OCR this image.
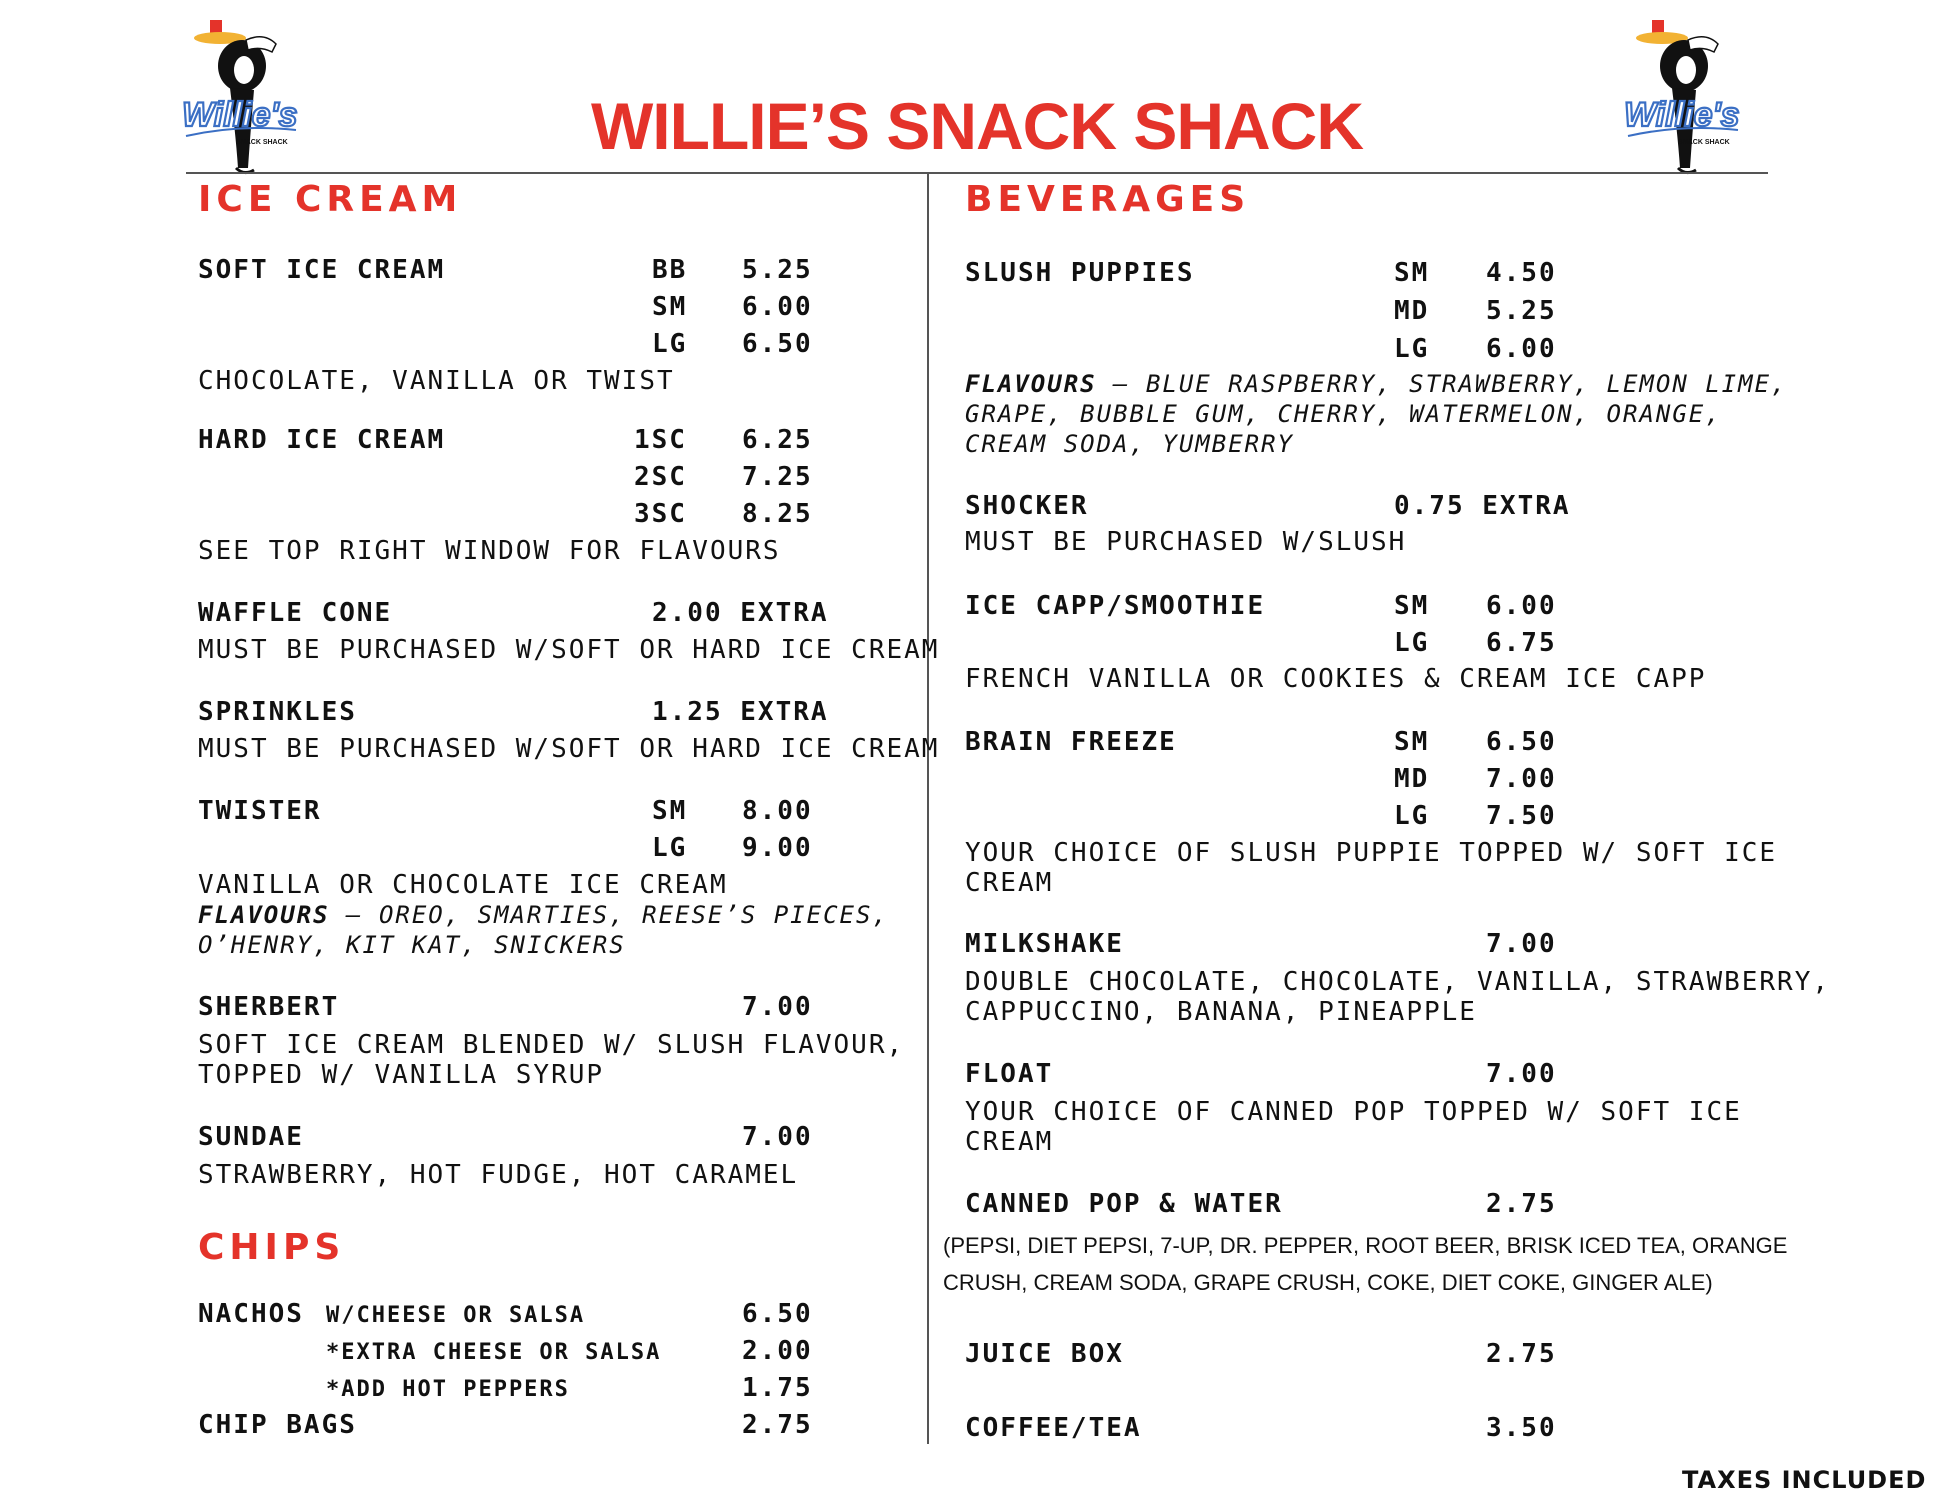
Willie's
SNACK SHACK
Willie's
SNACK SHACK
WILLIE’S SNACK SHACK
ICE CREAM
SOFT ICE CREAM	BB 5.25
SM 6.00
LG 6.50
CHOCOLATE, VANILLA OR TWIST
HARD ICE CREAM	1SC 6.25
2SC 7.25
3SC 8.25
SEE TOP RIGHT WINDOW FOR FLAVOURS
WAFFLE CONE	2.00 EXTRA
MUST BE PURCHASED W/SOFT OR HARD ICE CREAM
SPRINKLES	1.25 EXTRA
MUST BE PURCHASED W/SOFT OR HARD ICE CREAM
TWISTER	SM 8.00
LG 9.00
VANILLA OR CHOCOLATE ICE CREAM
FLAVOURS – OREO, SMARTIES, REESE’S PIECES,
O’HENRY, KIT KAT, SNICKERS
SHERBERT	7.00
SOFT ICE CREAM BLENDED W/ SLUSH FLAVOUR,
TOPPED W/ VANILLA SYRUP
SUNDAE	7.00
STRAWBERRY, HOT FUDGE, HOT CARAMEL
CHIPS
NACHOS W/CHEESE OR SALSA	6.50
*EXTRA CHEESE OR SALSA	2.00
*ADD HOT PEPPERS	1.75
CHIP BAGS	2.75
BEVERAGES
SLUSH PUPPIES	SM 4.50
MD 5.25
LG 6.00
FLAVOURS – BLUE RASPBERRY, STRAWBERRY, LEMON LIME,
GRAPE, BUBBLE GUM, CHERRY, WATERMELON, ORANGE,
CREAM SODA, YUMBERRY
SHOCKER	0.75 EXTRA
MUST BE PURCHASED W/SLUSH
ICE CAPP/SMOOTHIE	SM 6.00
LG 6.75
FRENCH VANILLA OR COOKIES & CREAM ICE CAPP
BRAIN FREEZE	SM 6.50
MD 7.00
LG 7.50
YOUR CHOICE OF SLUSH PUPPIE TOPPED W/ SOFT ICE
CREAM
MILKSHAKE	7.00
DOUBLE CHOCOLATE, CHOCOLATE, VANILLA, STRAWBERRY,
CAPPUCCINO, BANANA, PINEAPPLE
FLOAT	7.00
YOUR CHOICE OF CANNED POP TOPPED W/ SOFT ICE
CREAM
CANNED POP & WATER	2.75
(PEPSI, DIET PEPSI, 7-UP, DR. PEPPER, ROOT BEER, BRISK ICED TEA, ORANGE
CRUSH, CREAM SODA, GRAPE CRUSH, COKE, DIET COKE, GINGER ALE)
JUICE BOX	2.75
COFFEE/TEA	3.50
TAXES INCLUDED
